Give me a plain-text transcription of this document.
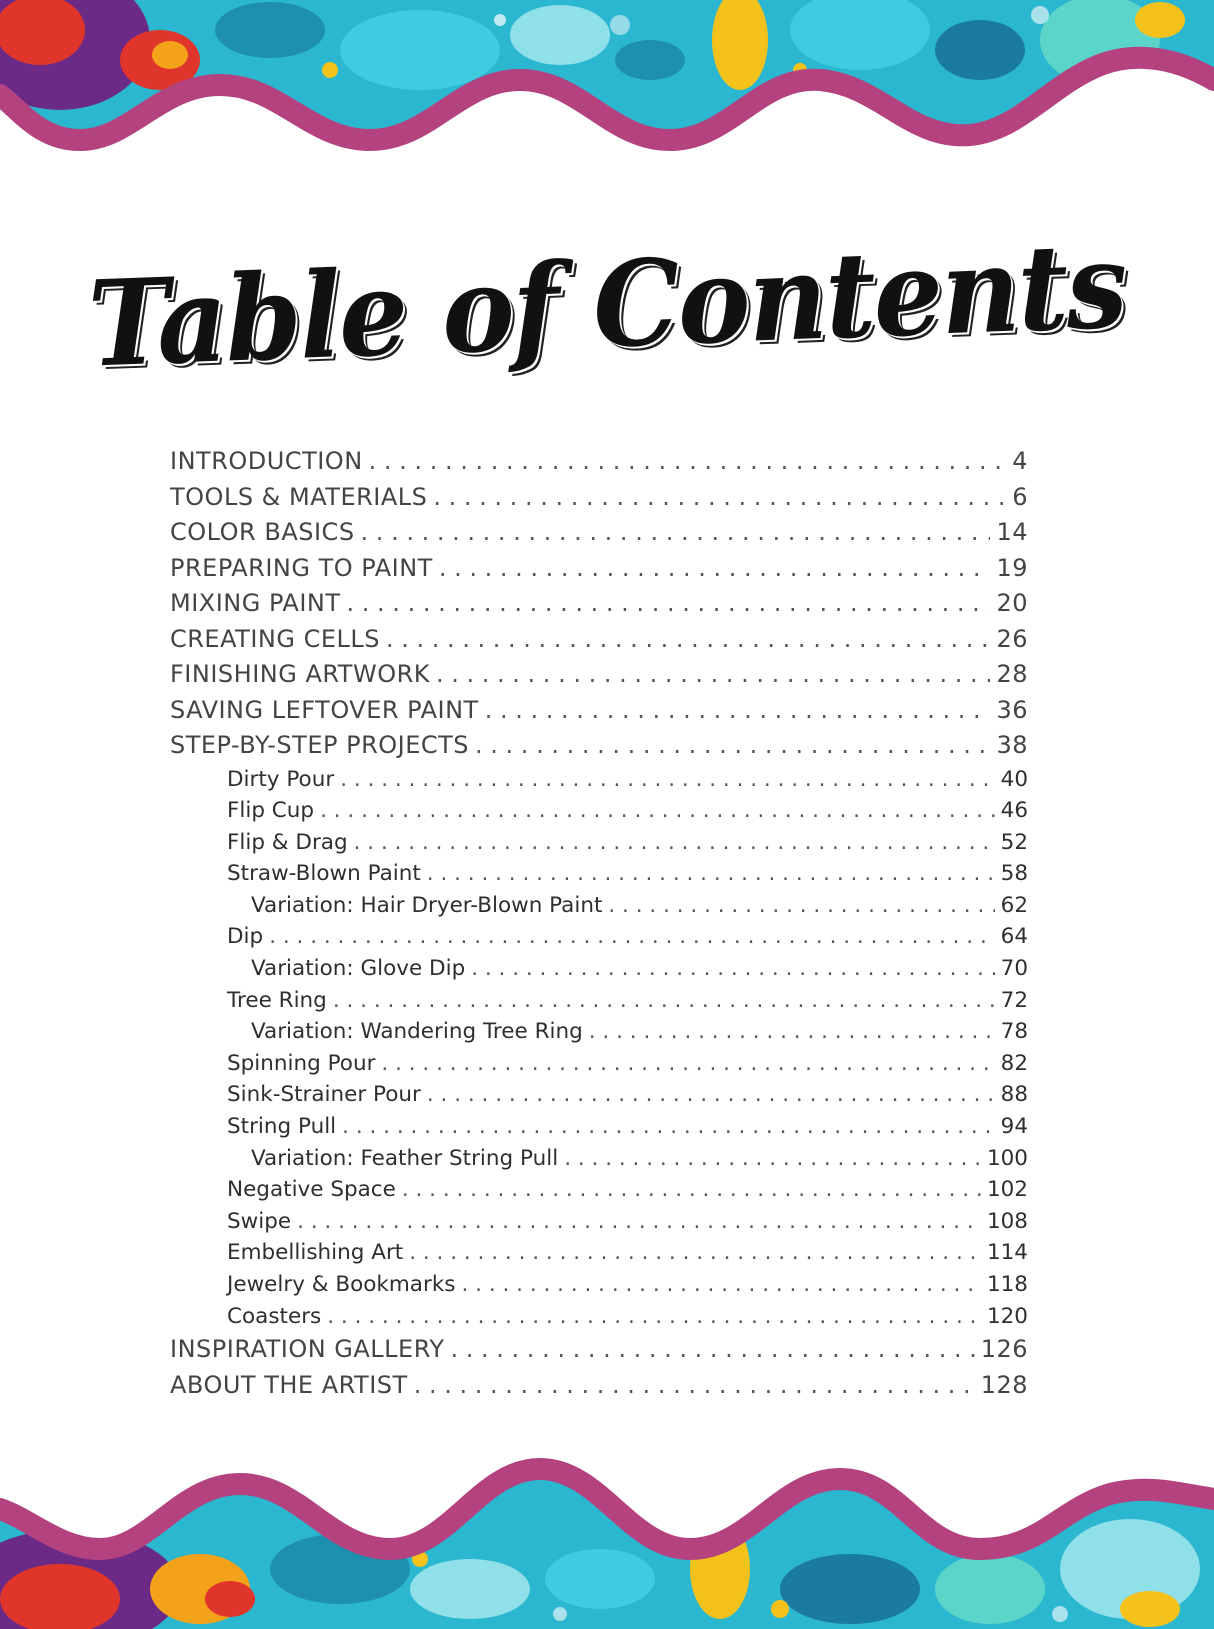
Table of Contents
INTRODUCTION . . .	4
TOOLS & MATERIALS . . .	6
COLOR BASICS . . .	14
PREPARING TO PAINT . . .	19
MIXING PAINT . . .	20
CREATING CELLS . . .	26
FINISHING ARTWORK . . .	28
SAVING LEFTOVER PAINT . . .	36
STEP-BY-STEP PROJECTS . . .	38
Dirty Pour . . .	40
Flip Cup . . .	46
Flip & Drag . . .	52
Straw-Blown Paint . . .	58
Variation: Hair Dryer-Blown Paint . . .	62
Dip . . .	64
Variation: Glove Dip . . .	70
Tree Ring . . .	72
Variation: Wandering Tree Ring . . .	78
Spinning Pour . . .	82
Sink-Strainer Pour . . .	88
String Pull . . .	94
Variation: Feather String Pull . . .	100
Negative Space . . .	102
Swipe . . .	108
Embellishing Art . . .	114
Jewelry & Bookmarks . . .	118
Coasters . . .	120
INSPIRATION GALLERY . . .	126
ABOUT THE ARTIST . . .	128
